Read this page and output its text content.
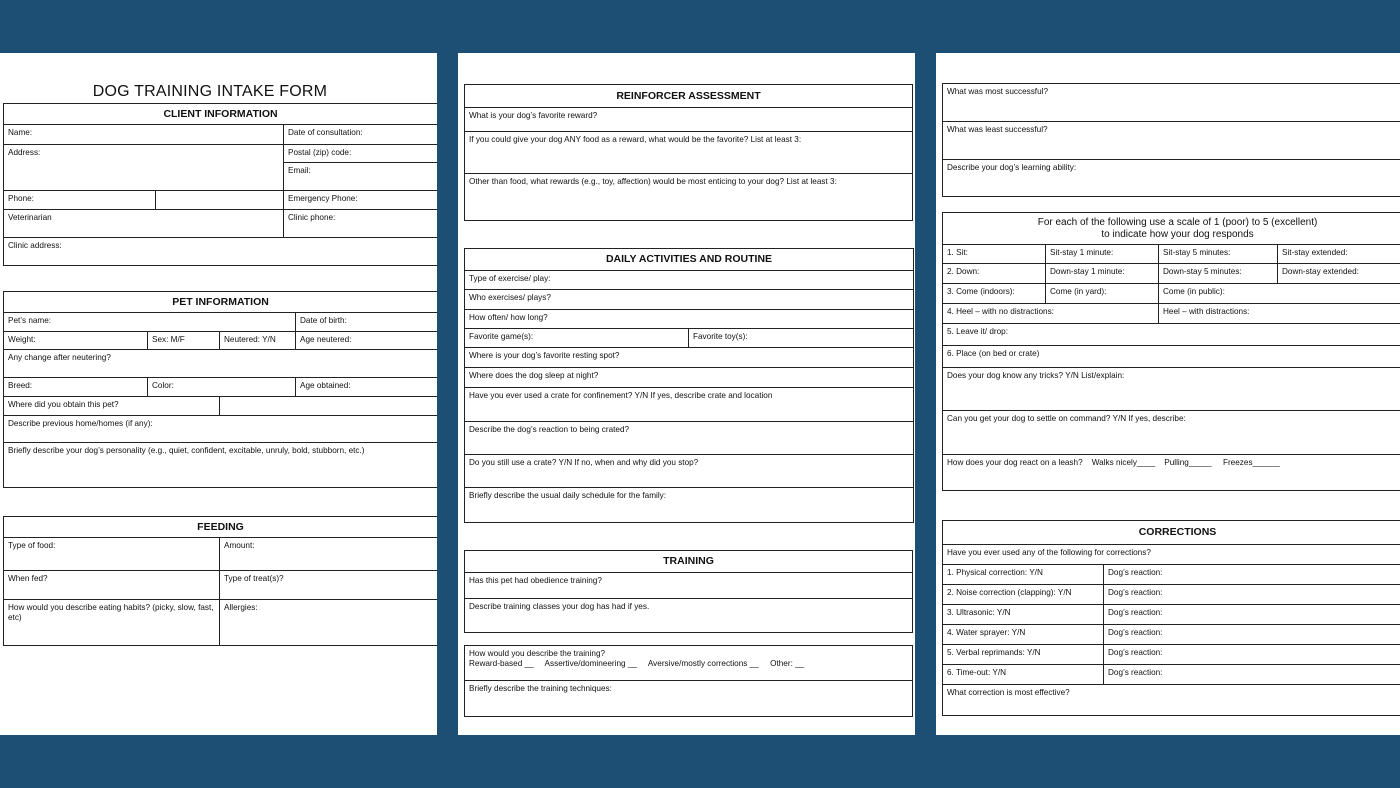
DOG TRAINING INTAKE FORM
CLIENT INFORMATION		
Name:		Date of consultation:
Address:		Postal (zip) code:
		Email:
Phone:		Emergency Phone:
Veterinarian		Clinic phone:
Clinic address:		
PET INFORMATION			
Pet’s name:			Date of birth:
Weight:	Sex: M/F	Neutered: Y/N	Age neutered:
Any change after neutering?			
Breed:	Color:		Age obtained:
Where did you obtain this pet?			
Describe previous home/homes (if any):			
Briefly describe your dog’s personality (e.g., quiet, confident, excitable, unruly, bold, stubborn, etc.)			
FEEDING	
Type of food:	Amount:
When fed?	Type of treat(s)?
How would you describe eating habits? (picky, slow, fast, etc)	Allergies:
REINFORCER ASSESSMENT
What is your dog’s favorite reward?
If you could give your dog ANY food as a reward, what would be the favorite? List at least 3:
Other than food, what rewards (e.g., toy, affection) would be most enticing to your dog? List at least 3:
DAILY ACTIVITIES AND ROUTINE
Type of exercise/ play:
Who exercises/ plays?
How often/ how long?
Favorite game(s):	Favorite toy(s):
Where is your dog’s favorite resting spot?
Where does the dog sleep at night?
Have you ever used a crate for confinement? Y/N If yes, describe crate and location
Describe the dog’s reaction to being crated?
Do you still use a crate? Y/N If no, when and why did you stop?
Briefly describe the usual daily schedule for the family:
TRAINING
Has this pet had obedience training?
Describe training classes your dog has had if yes.
How would you describe the training?
Reward-based __     Assertive/domineering __     Aversive/mostly corrections __     Other: __

Briefly describe the training techniques:
What was most successful?
What was least successful?
Describe your dog’s learning ability:
For each of the following use a scale of 1 (poor) to 5 (excellent)
to indicate how your dog responds			

1. Sit:	Sit-stay 1 minute:	Sit-stay 5 minutes:	Sit-stay extended:
2. Down:	Down-stay 1 minute:	Down-stay 5 minutes:	Down-stay extended:
3. Come (indoors):	Come (in yard):	Come (in public):	
4. Heel – with no distractions:		Heel – with distractions:	
5. Leave it/ drop:			
6. Place (on bed or crate)			
Does your dog know any tricks? Y/N List/explain:			
Can you get your dog to settle on command? Y/N If yes, describe:			
How does your dog react on a leash?    Walks nicely____    Pulling_____     Freezes______			
CORRECTIONS	
Have you ever used any of the following for corrections?	
1. Physical correction: Y/N	Dog’s reaction:
2. Noise correction (clapping): Y/N	Dog’s reaction:
3. Ultrasonic: Y/N	Dog’s reaction:
4. Water sprayer: Y/N	Dog’s reaction:
5. Verbal reprimands: Y/N	Dog’s reaction:
6. Time-out: Y/N	Dog’s reaction:
What correction is most effective?	
